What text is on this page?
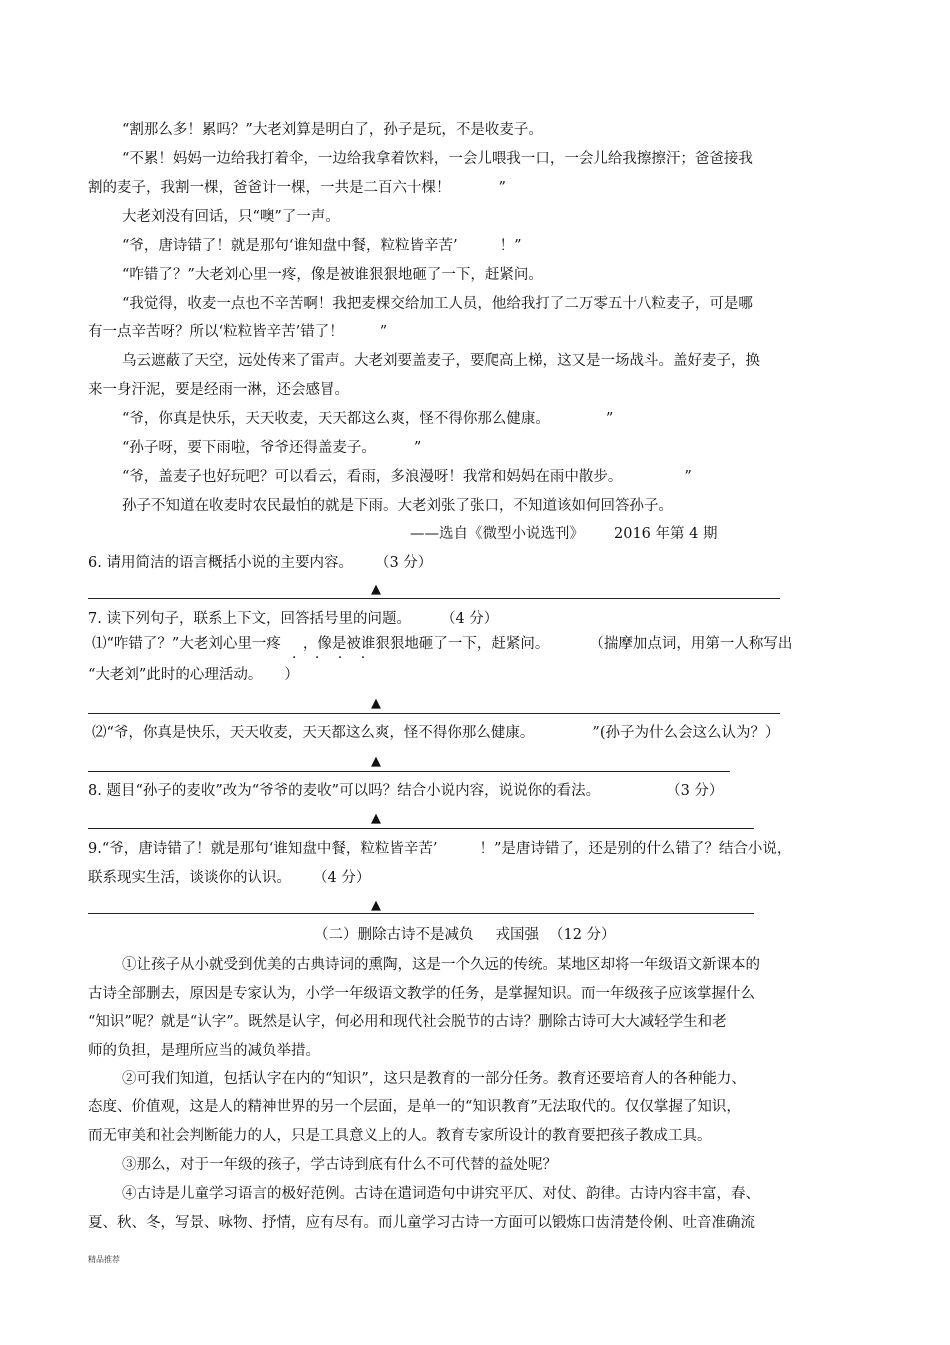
“割那么多！累吗？”大老刘算是明白了，孙子是玩，不是收麦子。
“不累！妈妈一边给我打着伞，一边给我拿着饮料，一会儿喂我一口，一会儿给我擦擦汗；爸爸接我
割的麦子，我割一棵，爸爸计一棵，一共是二百六十棵！	”
大老刘没有回话，只“噢”了一声。
“爷，唐诗错了！就是那句‘谁知盘中餐，粒粒皆辛苦’	！”
“咋错了？”大老刘心里一疼，像是被谁狠狠地砸了一下，赶紧问。
“我觉得，收麦一点也不辛苦啊！我把麦棵交给加工人员，他给我打了二万零五十八粒麦子，可是哪
有一点辛苦呀？所以‘粒粒皆辛苦’错了！ ”
乌云遮蔽了天空，远处传来了雷声。大老刘要盖麦子，要爬高上梯，这又是一场战斗。盖好麦子，换
来一身汗泥，要是经雨一淋，还会感冒。
“爷，你真是快乐，天天收麦，天天都这么爽，怪不得你那么健康。	”
“孙子呀，要下雨啦，爷爷还得盖麦子。	”
“爷，盖麦子也好玩吧？可以看云，看雨，多浪漫呀！我常和妈妈在雨中散步。	”
孙子不知道在收麦时农民最怕的就是下雨。大老刘张了张口，不知道该如何回答孙子。
——选自《微型小说选刊》 2016 年第 4 期
6. 请用简洁的语言概括小说的主要内容。 （3 分）
▲
7. 读下列句子，联系上下文，回答括号里的问题。 （4 分）
⑴“咋错了？”大老刘心里一疼 ，像是被谁狠狠地砸了一下，赶紧问。	（揣摩加点词，用第一人称写出
· · · ·
“大老刘”此时的心理活动。 ）
▲
⑵“爷，你真是快乐，天天收麦，天天都这么爽，怪不得你那么健康。	”(孙子为什么会这么认为？）
▲
8. 题目“孙子的麦收”改为“爷爷的麦收”可以吗？结合小说内容，说说你的看法。	（3 分）
▲
9.“爷，唐诗错了！就是那句‘谁知盘中餐，粒粒皆辛苦’	！”是唐诗错了，还是别的什么错了？结合小说，
联系现实生活，谈谈你的认识。 （4 分）
▲
（二）删除古诗不是减负 戎国强 （12 分）
①让孩子从小就受到优美的古典诗词的熏陶，这是一个久远的传统。某地区却将一年级语文新课本的
古诗全部删去，原因是专家认为，小学一年级语文教学的任务，是掌握知识。而一年级孩子应该掌握什么
“知识”呢？就是“认字”。既然是认字，何必用和现代社会脱节的古诗？删除古诗可大大减轻学生和老
师的负担，是理所应当的减负举措。
②可我们知道，包括认字在内的“知识”，这只是教育的一部分任务。教育还要培育人的各种能力、
态度、价值观，这是人的精神世界的另一个层面，是单一的“知识教育”无法取代的。仅仅掌握了知识，
而无审美和社会判断能力的人，只是工具意义上的人。教育专家所设计的教育要把孩子教成工具。
③那么，对于一年级的孩子，学古诗到底有什么不可代替的益处呢？
④古诗是儿童学习语言的极好范例。古诗在遣词造句中讲究平仄、对仗、韵律。古诗内容丰富，春、
夏、秋、冬，写景、咏物、抒情，应有尽有。而儿童学习古诗一方面可以锻炼口齿清楚伶俐、吐音准确流
精品推荐
